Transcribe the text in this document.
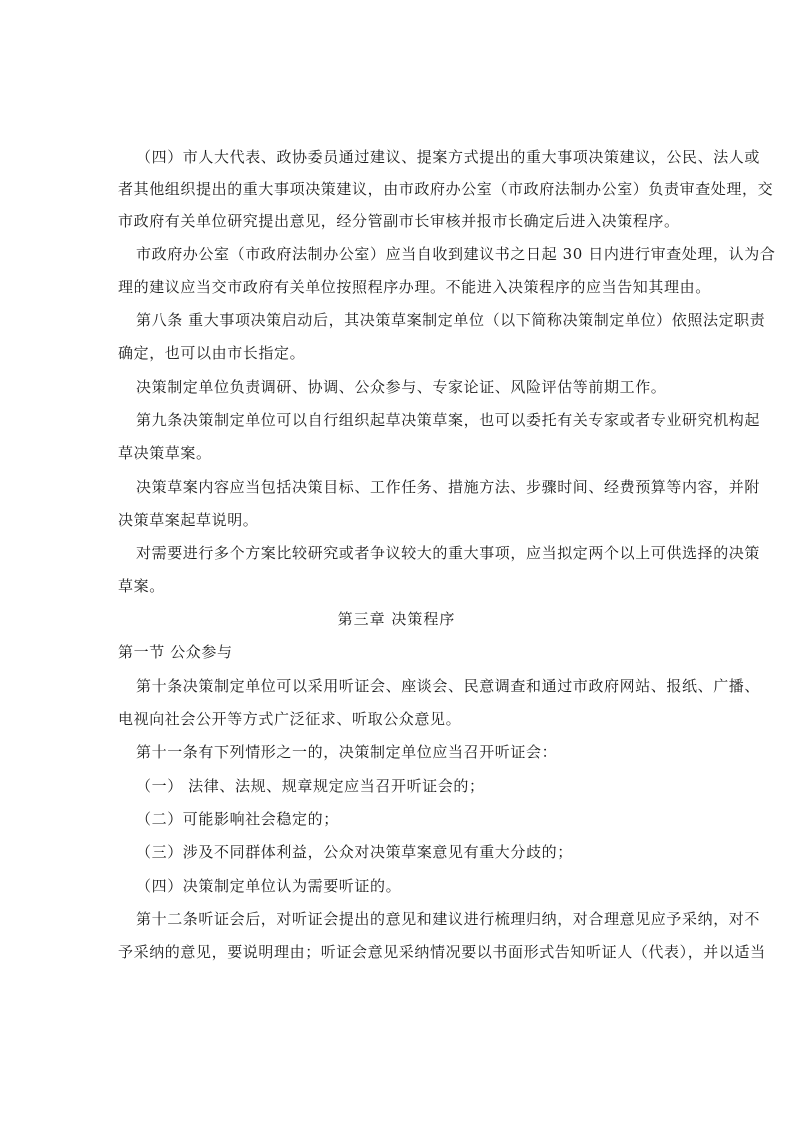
（四）市人大代表、政协委员通过建议、提案方式提出的重大事项决策建议，公民、法人或
者其他组织提出的重大事项决策建议，由市政府办公室（市政府法制办公室）负责审查处理，交
市政府有关单位研究提出意见，经分管副市长审核并报市长确定后进入决策程序。
市政府办公室（市政府法制办公室）应当自收到建议书之日起 30 日内进行审查处理，认为合
理的建议应当交市政府有关单位按照程序办理。不能进入决策程序的应当告知其理由。
第八条 重大事项决策启动后，其决策草案制定单位（以下简称决策制定单位）依照法定职责
确定，也可以由市长指定。
决策制定单位负责调研、协调、公众参与、专家论证、风险评估等前期工作。
第九条决策制定单位可以自行组织起草决策草案，也可以委托有关专家或者专业研究机构起
草决策草案。
决策草案内容应当包括决策目标、工作任务、措施方法、步骤时间、经费预算等内容，并附
决策草案起草说明。
对需要进行多个方案比较研究或者争议较大的重大事项，应当拟定两个以上可供选择的决策
草案。
第三章 决策程序
第一节 公众参与
第十条决策制定单位可以采用听证会、座谈会、民意调查和通过市政府网站、报纸、广播、
电视向社会公开等方式广泛征求、听取公众意见。
第十一条有下列情形之一的，决策制定单位应当召开听证会：
（一） 法律、法规、规章规定应当召开听证会的；
（二）可能影响社会稳定的；
（三）涉及不同群体利益，公众对决策草案意见有重大分歧的；
（四）决策制定单位认为需要听证的。
第十二条听证会后，对听证会提出的意见和建议进行梳理归纳，对合理意见应予采纳，对不
予采纳的意见，要说明理由；听证会意见采纳情况要以书面形式告知听证人（代表），并以适当
